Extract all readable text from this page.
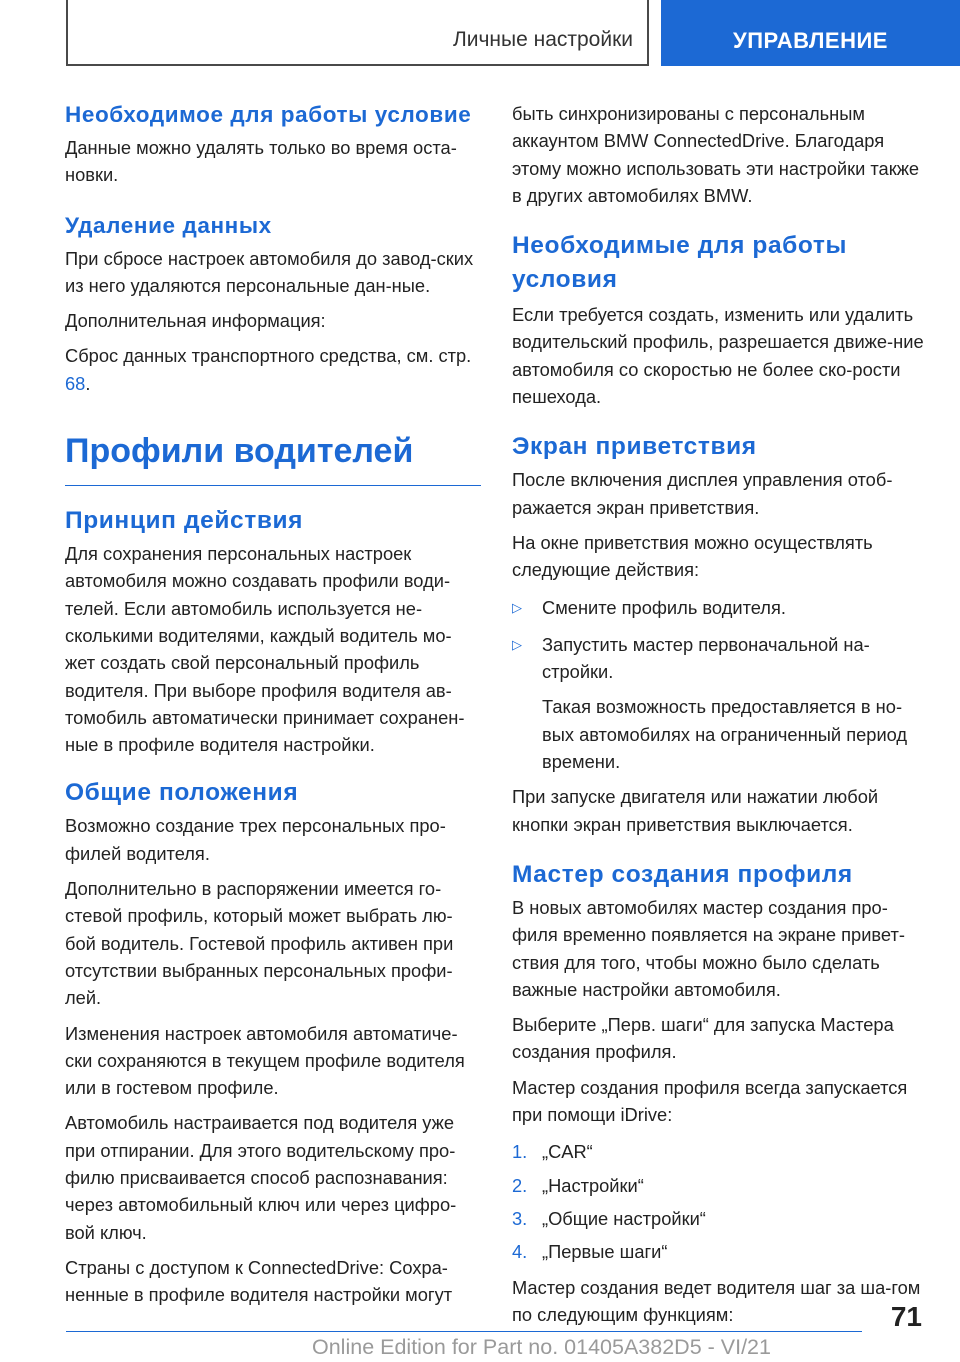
Личные настройки	УПРАВЛЕНИЕ
Необходимое для работы условие
Данные можно удалять только во время оста-новки.
Удаление данных
При сбросе настроек автомобиля до завод-ских из него удаляются персональные дан-ные.
Дополнительная информация:
Сброс данных транспортного средства, см. стр. 68.
Профили водителей
Принцип действия
Для сохранения персональных настроек автомобиля можно создавать профили води-телей. Если автомобиль используется не-сколькими водителями, каждый водитель мо-жет создать свой персональный профиль водителя. При выборе профиля водителя ав-томобиль автоматически принимает сохранен-ные в профиле водителя настройки.
Общие положения
Возможно создание трех персональных про-филей водителя.
Дополнительно в распоряжении имеется го-стевой профиль, который может выбрать лю-бой водитель. Гостевой профиль активен при отсутствии выбранных персональных профи-лей.
Изменения настроек автомобиля автоматиче-ски сохраняются в текущем профиле водителя или в гостевом профиле.
Автомобиль настраивается под водителя уже при отпирании. Для этого водительскому про-филю присваивается способ распознавания: через автомобильный ключ или через цифро-вой ключ.
Страны с доступом к ConnectedDrive: Сохра-ненные в профиле водителя настройки могут
быть синхронизированы с персональным аккаунтом BMW ConnectedDrive. Благодаря этому можно использовать эти настройки также в других автомобилях BMW.
Необходимые для работы условия
Если требуется создать, изменить или удалить водительский профиль, разрешается движе-ние автомобиля со скоростью не более ско-рости пешехода.
Экран приветствия
После включения дисплея управления отоб-ражается экран приветствия.
На окне приветствия можно осуществлять следующие действия:
▷ Смените профиль водителя.
▷ Запустить мастер первоначальной на-стройки.
Такая возможность предоставляется в но-вых автомобилях на ограниченный период времени.
При запуске двигателя или нажатии любой кнопки экран приветствия выключается.
Мастер создания профиля
В новых автомобилях мастер создания про-филя временно появляется на экране привет-ствия для того, чтобы можно было сделать важные настройки автомобиля.
Выберите „Перв. шаги“ для запуска Мастера создания профиля.
Мастер создания профиля всегда запускается при помощи iDrive:
1. „CAR“
2. „Настройки“
3. „Общие настройки“
4. „Первые шаги“
Мастер создания ведет водителя шаг за ша-гом по следующим функциям:	71
Online Edition for Part no. 01405A382D5 - VI/21
